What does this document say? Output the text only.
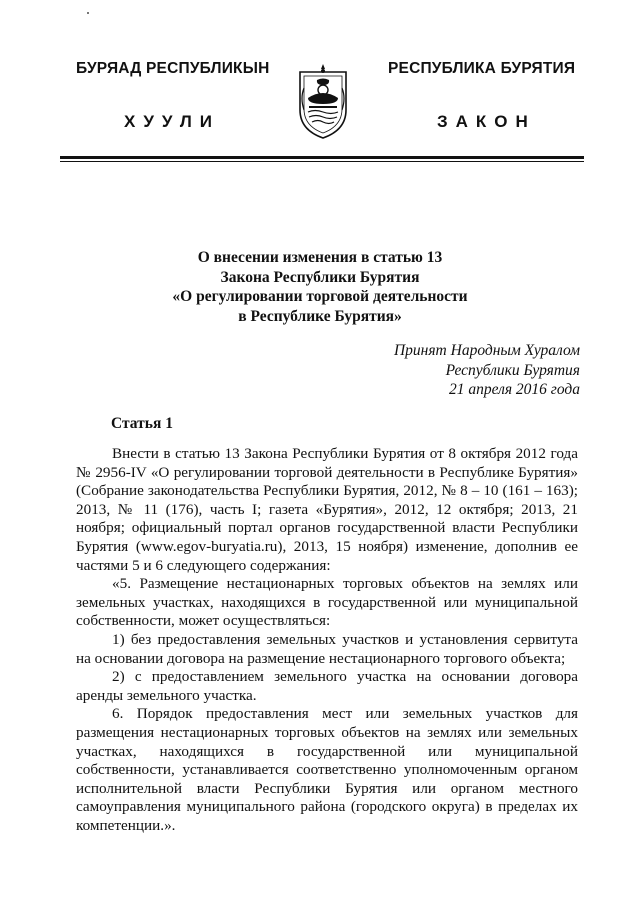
БУРЯАД РЕСПУБЛИКЫН	РЕСПУБЛИКА БУРЯТИЯ
ХУУЛИ	ЗАКОН
О внесении изменения в статью 13
Закона Республики Бурятия
«О регулировании торговой деятельности
в Республике Бурятия»
Принят Народным Хуралом
Республики Бурятия
21 апреля 2016 года
Статья 1

Внести в статью 13 Закона Республики Бурятия от 8 октября 2012 года № 2956-IV «О регулировании торговой деятельности в Республике Бурятия» (Собрание законодательства Республики Бурятия, 2012, № 8 – 10 (161 – 163); 2013, № 11 (176), часть I; газета «Бурятия», 2012, 12 октября; 2013, 21 ноября; официальный портал органов государственной власти Республики Бурятия (www.egov-buryatia.ru), 2013, 15 ноября) изменение, дополнив ее частями 5 и 6 следующего содержания:

«5. Размещение нестационарных торговых объектов на землях или земельных участках, находящихся в государственной или муниципальной собственности, может осуществляться:

1) без предоставления земельных участков и установления сервитута на основании договора на размещение нестационарного торгового объекта;

2) с предоставлением земельного участка на основании договора аренды земельного участка.

6. Порядок предоставления мест или земельных участков для размещения нестационарных торговых объектов на землях или земельных участках, находящихся в государственной или муниципальной собственности, устанавливается соответственно уполномоченным органом исполнительной власти Республики Бурятия или органом местного самоуправления муниципального района (городского округа) в пределах их компетенции.».
